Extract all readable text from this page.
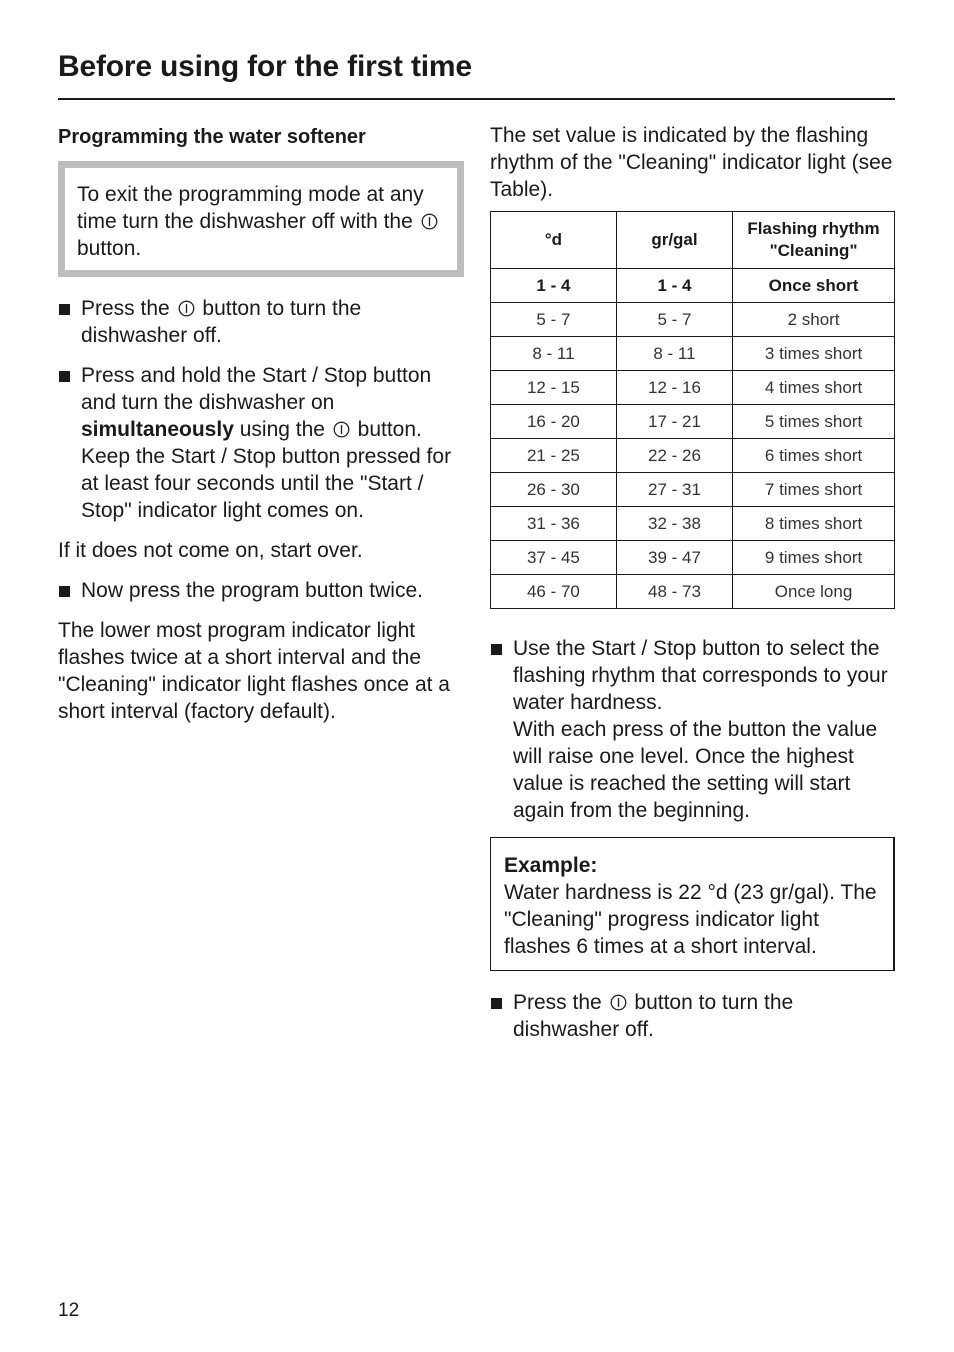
Before using for the first time
Programming the water softener

To exit the programming mode at any time turn the dishwasher off with the  button.

Press the  button to turn the dishwasher off.
Press and hold the Start / Stop button and turn the dishwasher on simultaneously using the  button.
Keep the Start / Stop button pressed for at least four seconds until the "Start / Stop" indicator light comes on.

If it does not come on, start over.

Now press the program button twice.

The lower most program indicator light flashes twice at a short interval and the "Cleaning" indicator light flashes once at a short interval (factory default).

The set value is indicated by the flashing rhythm of the "Cleaning" indicator light (see Table).

°d	gr/gal	Flashing rhythm "Cleaning"
1 - 4	1 - 4	Once short
5 - 7	5 - 7	2 short
8 - 11	8 - 11	3 times short
12 - 15	12 - 16	4 times short
16 - 20	17 - 21	5 times short
21 - 25	22 - 26	6 times short
26 - 30	27 - 31	7 times short
31 - 36	32 - 38	8 times short
37 - 45	39 - 47	9 times short
46 - 70	48 - 73	Once long
Use the Start / Stop button to select the flashing rhythm that corresponds to your water hardness.
With each press of the button the value will raise one level. Once the highest value is reached the setting will start again from the beginning.

Example:
Water hardness is 22 °d (23 gr/gal). The "Cleaning" progress indicator light flashes 6 times at a short interval.

Press the  button to turn the dishwasher off.

12
